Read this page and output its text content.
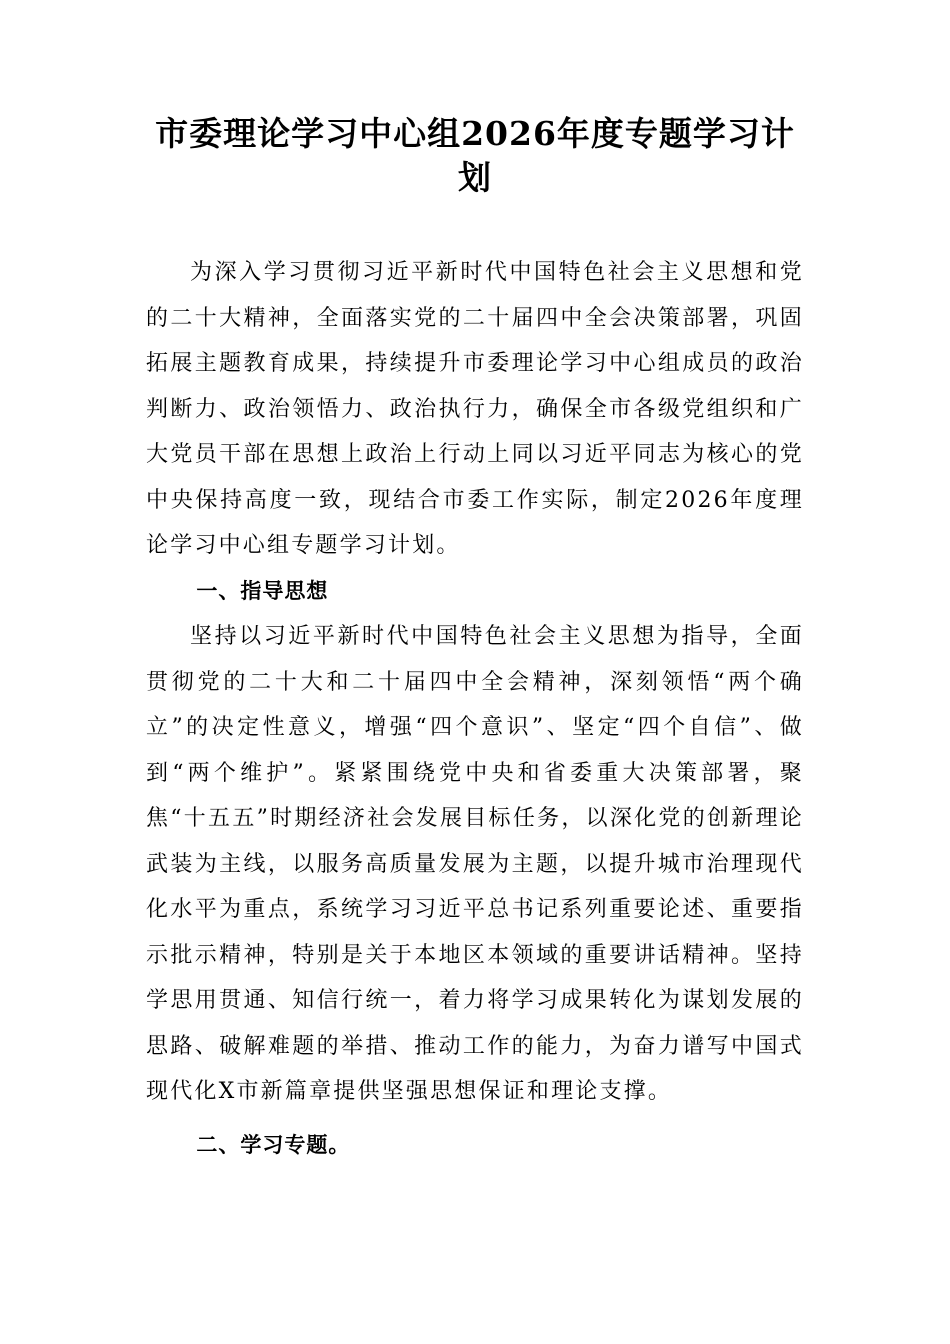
市委理论学习中心组2026年度专题学习计划

为深入学习贯彻习近平新时代中国特色社会主义思想和党的二十大精神，全面落实党的二十届四中全会决策部署，巩固拓展主题教育成果，持续提升市委理论学习中心组成员的政治判断力、政治领悟力、政治执行力，确保全市各级党组织和广大党员干部在思想上政治上行动上同以习近平同志为核心的党中央保持高度一致，现结合市委工作实际，制定2026年度理论学习中心组专题学习计划。

一、指导思想

坚持以习近平新时代中国特色社会主义思想为指导，全面贯彻党的二十大和二十届四中全会精神，深刻领悟“两个确立”的决定性意义，增强“四个意识”、坚定“四个自信”、做到“两个维护”。紧紧围绕党中央和省委重大决策部署，聚焦“十五五”时期经济社会发展目标任务，以深化党的创新理论武装为主线，以服务高质量发展为主题，以提升城市治理现代化水平为重点，系统学习习近平总书记系列重要论述、重要指示批示精神，特别是关于本地区本领域的重要讲话精神。坚持学思用贯通、知信行统一，着力将学习成果转化为谋划发展的思路、破解难题的举措、推动工作的能力，为奋力谱写中国式现代化X市新篇章提供坚强思想保证和理论支撑。

二、学习专题。
